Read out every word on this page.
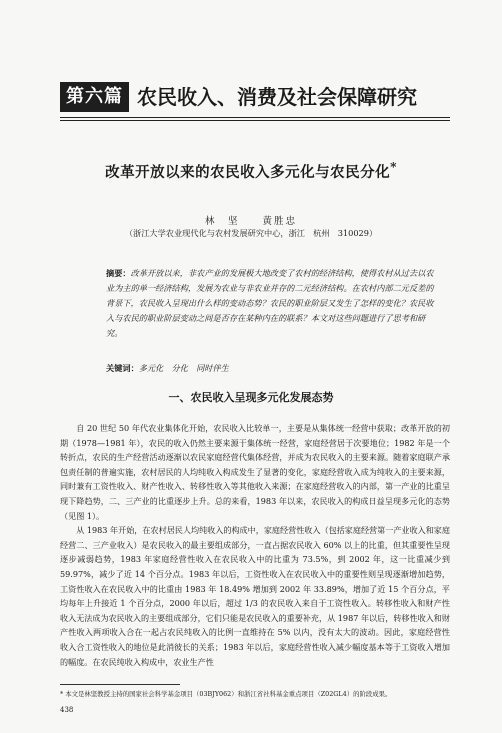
第六篇 农民收入、消费及社会保障研究
改革开放以来的农民收入多元化与农民分化*
林　坚　　黄胜忠
（浙江大学农业现代化与农村发展研究中心，浙江　杭州　310029）
摘要：改革开放以来，非农产业的发展极大地改变了农村的经济结构，使得农村从过去以农业为主的单一经济结构，发展为农业与非农业并存的二元经济结构。在农村内部二元反差的背景下，农民收入呈现出什么样的变动态势？农民的职业阶层又发生了怎样的变化？农民收入与农民的职业阶层变动之间是否存在某种内在的联系？本文对这些问题进行了思考和研究。
关键词：多元化　分化　同时伴生
一、农民收入呈现多元化发展态势

自 20 世纪 50 年代农业集体化开始，农民收入比较单一，主要是从集体统一经营中获取；改革开放的初期（1978—1981 年），农民的收入仍然主要来源于集体统一经营，家庭经营居于次要地位；1982 年是一个转折点，农民的生产经营活动逐渐以农民家庭经营代集体经营，并成为农民收入的主要来源。随着家庭联产承包责任制的普遍实施，农村居民的人均纯收入构成发生了显著的变化，家庭经营收入成为纯收入的主要来源，同时兼有工资性收入、财产性收入、转移性收入等其他收入来源；在家庭经营收入的内部，第一产业的比重呈现下降趋势，二、三产业的比重逐步上升。总的来看，1983 年以来，农民收入的构成日益呈现多元化的态势（见图 1）。

从 1983 年开始，在农村居民人均纯收入的构成中，家庭经营性收入（包括家庭经营第一产业收入和家庭经营二、三产业收入）是农民收入的最主要组成部分，一直占据农民收入 60% 以上的比重，但其重要性呈现逐步减弱趋势，1983 年家庭经营性收入在农民收入中的比重为 73.5%，到 2002 年，这一比重减少到 59.97%，减少了近 14 个百分点。1983 年以后，工资性收入在农民收入中的重要性则呈现逐渐增加趋势，工资性收入在农民收入中的比重由 1983 年 18.49% 增加到 2002 年 33.89%，增加了近 15 个百分点，平均每年上升接近 1 个百分点，2000 年以后，超过 1/3 的农民收入来自于工资性收入。转移性收入和财产性收入无法成为农民收入的主要组成部分，它们只能是农民收入的重要补充，从 1987 年以后，转移性收入和财产性收入两项收入合在一起占农民纯收入的比例一直维持在 5% 以内，没有太大的波动。因此，家庭经营性收入合工资性收入的地位是此消彼长的关系；1983 年以后，家庭经营性收入减少幅度基本等于工资收入增加的幅度。在农民纯收入构成中，农业生产性

* 本文是林坚教授主持的国家社会科学基金项目（03BJY062）和浙江省社科基金重点项目（Z02GL4）的阶段成果。
438
